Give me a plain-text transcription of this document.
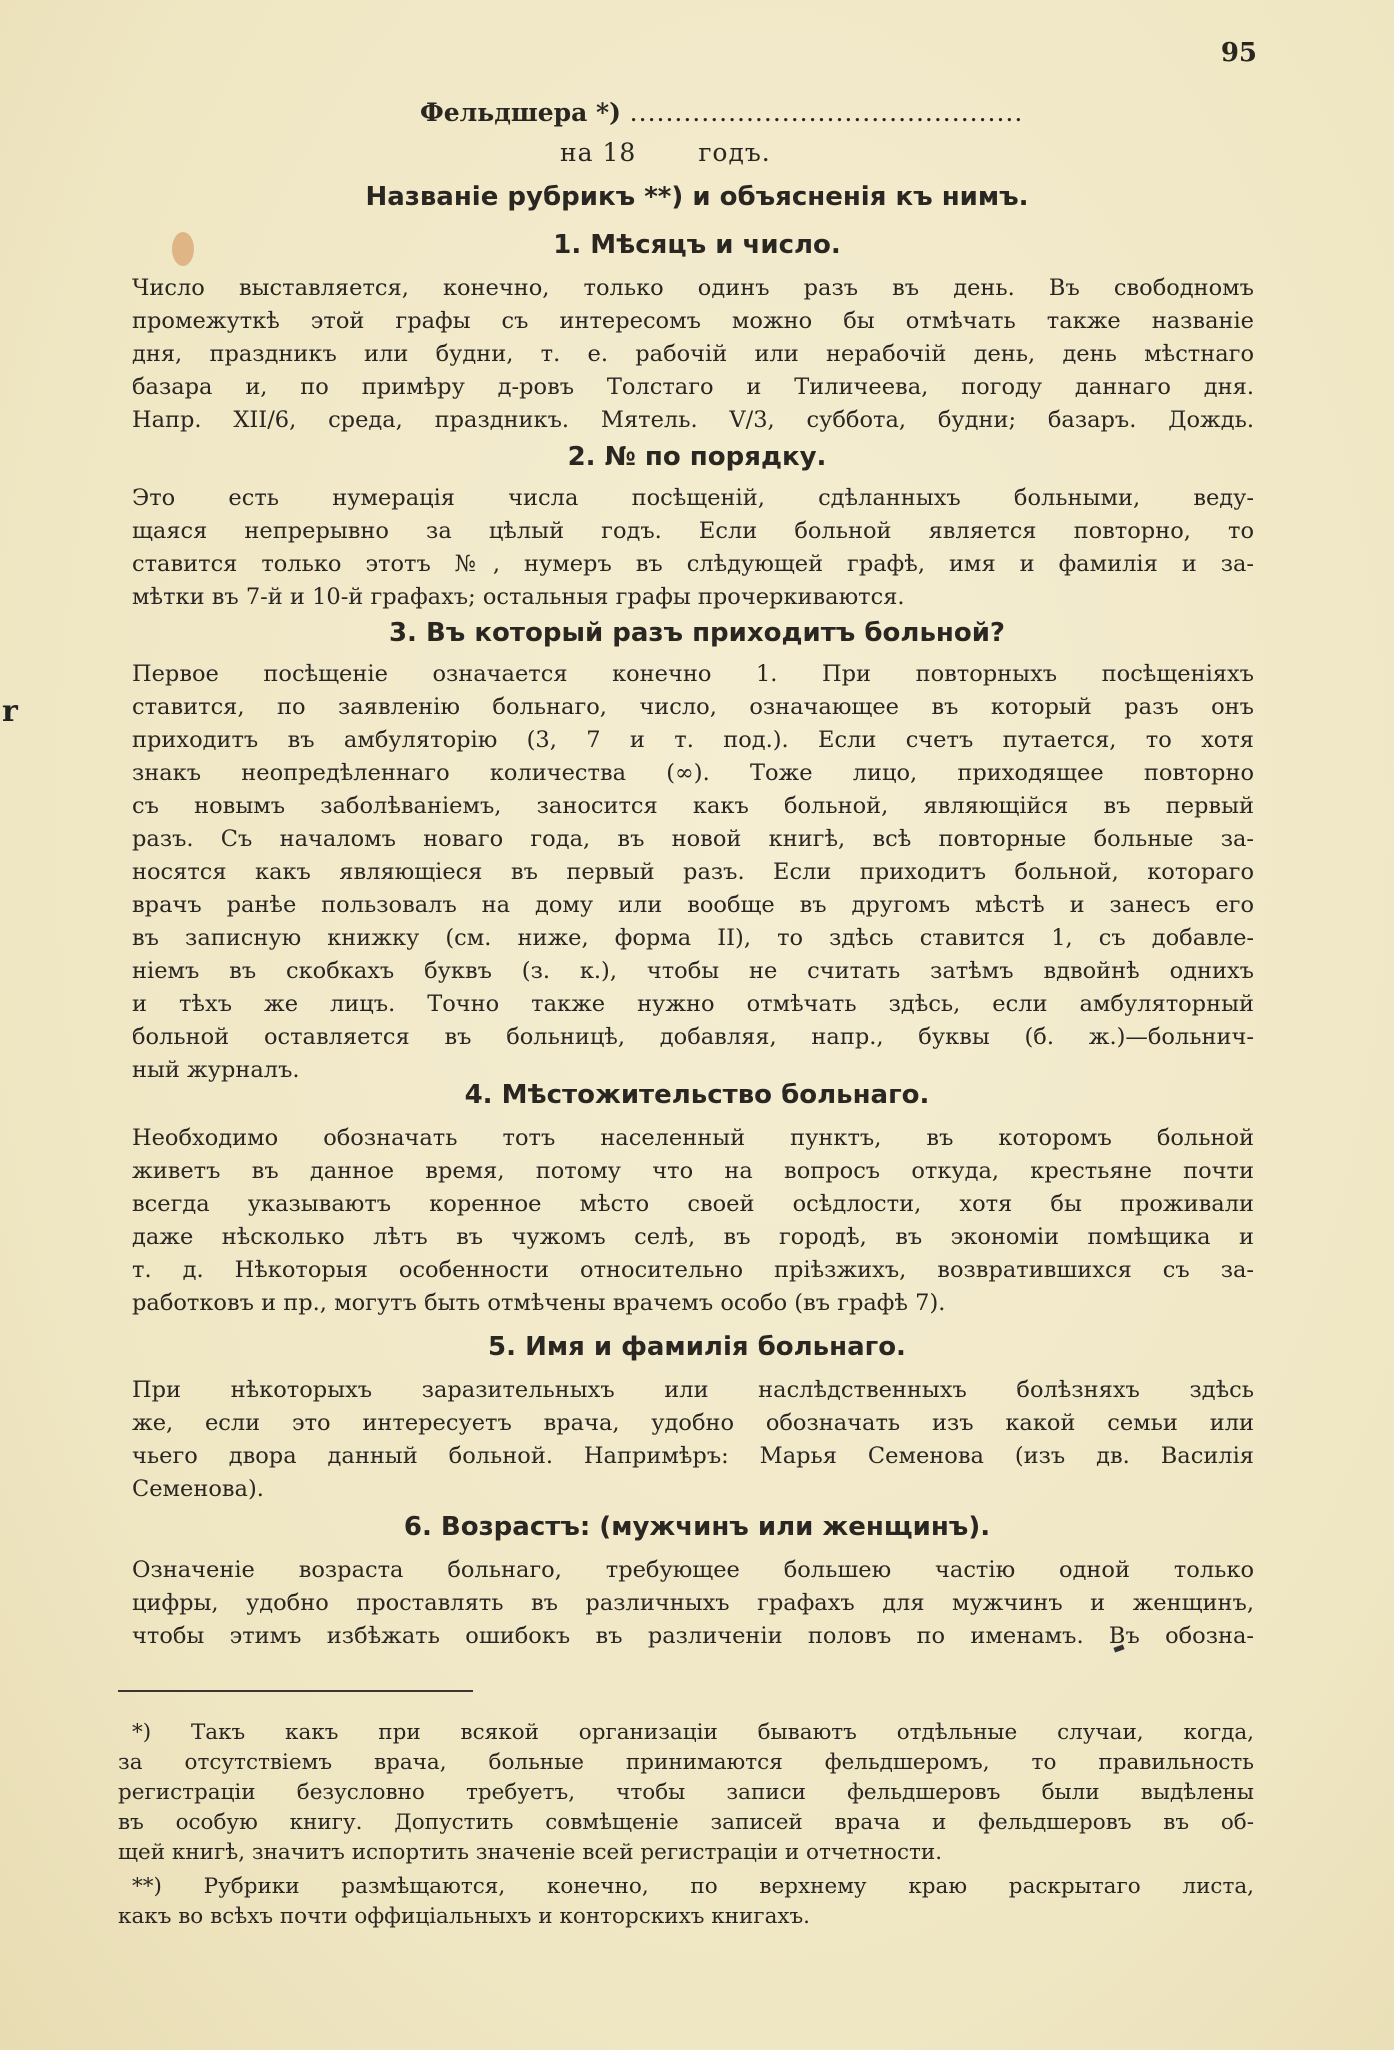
r
95
Фельдшера *) ............................................
на 18 годъ.
Названіе рубрикъ **) и объясненія къ нимъ.
1. Мѣсяцъ и число.
Число выставляется, конечно, только одинъ разъ въ день. Въ свободномъ
промежуткѣ этой графы съ интересомъ можно бы отмѣчать также названіе
дня, праздникъ или будни, т. е. рабочій или нерабочій день, день мѣстнаго
базара и, по примѣру д-ровъ Толстаго и Тиличеева, погоду даннаго дня.
Напр. XII/6, среда, праздникъ. Мятель. V/3, суббота, будни; базаръ. Дождь.
2. № по порядку.
Это есть нумерація числа посѣщеній, сдѣланныхъ больными, веду-
щаяся непрерывно за цѣлый годъ. Если больной является повторно, то
ставится только этотъ №, нумеръ въ слѣдующей графѣ, имя и фамилія и за-
мѣтки въ 7-й и 10-й графахъ; остальныя графы прочеркиваются.
3. Въ который разъ приходитъ больной?
Первое посѣщеніе означается конечно 1. При повторныхъ посѣщеніяхъ
ставится, по заявленію больнаго, число, означающее въ который разъ онъ
приходитъ въ амбуляторію (3, 7 и т. под.). Если счетъ путается, то хотя
знакъ неопредѣленнаго количества (∞). Тоже лицо, приходящее повторно
съ новымъ заболѣваніемъ, заносится какъ больной, являющійся въ первый
разъ. Съ началомъ новаго года, въ новой книгѣ, всѣ повторные больные за-
носятся какъ являющіеся въ первый разъ. Если приходитъ больной, котораго
врачъ ранѣе пользовалъ на дому или вообще въ другомъ мѣстѣ и занесъ его
въ записную книжку (см. ниже, форма II), то здѣсь ставится 1, съ добавле-
ніемъ въ скобкахъ буквъ (з. к.), чтобы не считать затѣмъ вдвойнѣ однихъ
и тѣхъ же лицъ. Точно также нужно отмѣчать здѣсь, если амбуляторный
больной оставляется въ больницѣ, добавляя, напр., буквы (б. ж.)—больнич-
ный журналъ.
4. Мѣстожительство больнаго.
Необходимо обозначать тотъ населенный пунктъ, въ которомъ больной
живетъ въ данное время, потому что на вопросъ откуда, крестьяне почти
всегда указываютъ коренное мѣсто своей осѣдлости, хотя бы проживали
даже нѣсколько лѣтъ въ чужомъ селѣ, въ городѣ, въ экономіи помѣщика и
т. д. Нѣкоторыя особенности относительно пріѣзжихъ, возвратившихся съ за-
работковъ и пр., могутъ быть отмѣчены врачемъ особо (въ графѣ 7).
5. Имя и фамилія больнаго.
При нѣкоторыхъ заразительныхъ или наслѣдственныхъ болѣзняхъ здѣсь
же, если это интересуетъ врача, удобно обозначать изъ какой семьи или
чьего двора данный больной. Напримѣръ: Марья Семенова (изъ дв. Василія
Семенова).
6. Возрастъ: (мужчинъ или женщинъ).
Означеніе возраста больнаго, требующее большею частію одной только
цифры, удобно проставлять въ различныхъ графахъ для мужчинъ и женщинъ,
чтобы этимъ избѣжать ошибокъ въ различеніи половъ по именамъ. Въ обозна-
*) Такъ какъ при всякой организаціи бываютъ отдѣльные случаи, когда,
за отсутствіемъ врача, больные принимаются фельдшеромъ, то правильность
регистраціи безусловно требуетъ, чтобы записи фельдшеровъ были выдѣлены
въ особую книгу. Допустить совмѣщеніе записей врача и фельдшеровъ въ об-
щей книгѣ, значитъ испортить значеніе всей регистраціи и отчетности.
**) Рубрики размѣщаются, конечно, по верхнему краю раскрытаго листа,
какъ во всѣхъ почти оффиціальныхъ и конторскихъ книгахъ.
